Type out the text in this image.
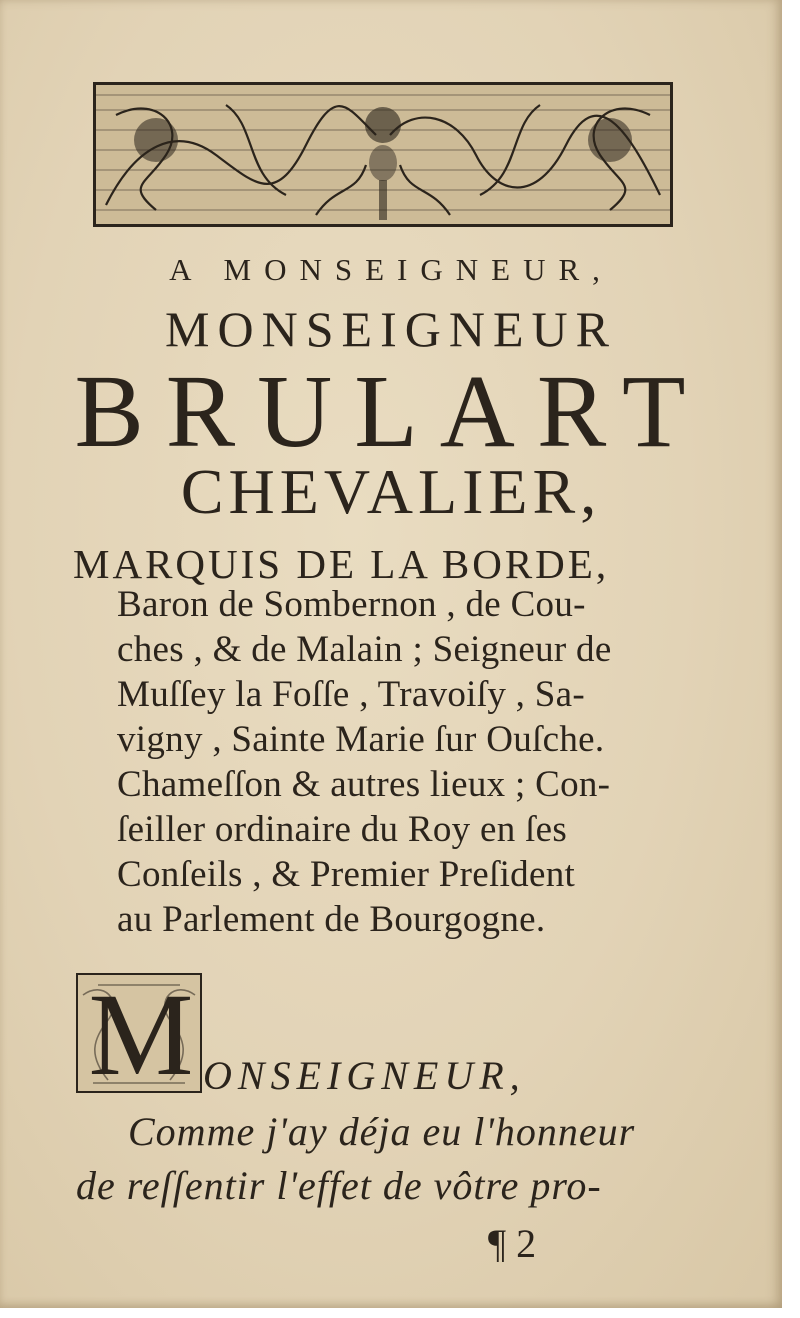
A MONSEIGNEUR,

MONSEIGNEUR

BRULART

CHEVALIER,

MARQUIS DE LA BORDE,

Baron de Sombernon , de Cou-
ches , & de Malain ; Seigneur de
Muſſey la Foſſe , Travoiſy , Sa-
vigny , Sainte Marie ſur Ouſche.
Chameſſon & autres lieux ; Con-
ſeiller ordinaire du Roy en ſes
Conſeils , & Premier Preſident
au Parlement de Bourgogne.
M ONSEIGNEUR,
Comme j'ay déja eu l'honneur
de reſſentir l'effet de vôtre pro-
¶ 2
